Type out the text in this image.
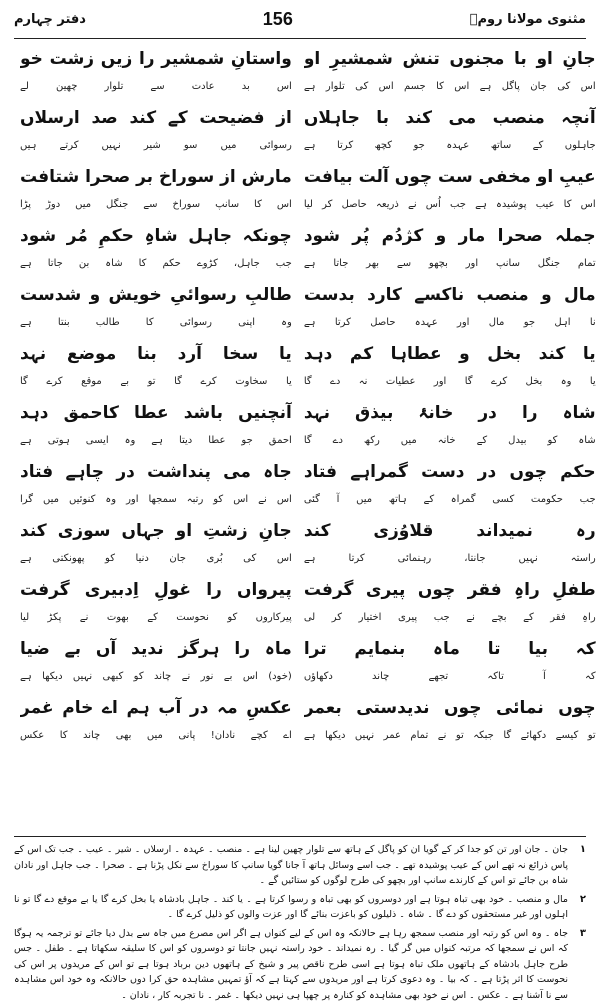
دفتر چہارم	156	مثنوی مولانا رومؒ
واستانِ شمشیر را زیں زشت خو
اس بد عادت سے تلوار چھین لے
از فضیحت کے کند صد ارسلاں
رسوائی میں سو شیر نہیں کرتے ہیں
مارش از سوراخ بر صحرا شتافت
اس کا سانپ سوراخ سے جنگل میں دوڑ پڑا
چونکہ جاہل شاہِ حکمِ مُر شود
جب جاہل، کڑوے حکم کا شاہ بن جاتا ہے
طالبِ رسوائیِ خویش و شدست
وہ اپنی رسوائی کا طالب بنتا ہے
یا سخا آرد بنا موضع نہد
یا سخاوت کرے گا تو بے موقع کرے گا
آنچنیں باشد عطا کاحمق دہد
احمق جو عطا دیتا ہے وہ ایسی ہوتی ہے
جاہ می پنداشت در چاہے فتاد
اس نے اس کو رتبہ سمجھا اور وہ کنوئیں میں گرا
جانِ زشتِ او جہاں سوزی کند
اس کی بُری جان دنیا کو پھونکتی ہے
پیرواں را غولِ اِدبیری گرفت
پیرکاروں کو نحوست کے بھوت نے پکڑ لیا
ماہ را ہرگز ندید آں بے ضیا
(خود) اس بے نور نے چاند کو کبھی نہیں دیکھا ہے
عکسِ مہ در آب ہم اے خام غمر
اے کچے نادان! پانی میں بھی چاند کا عکس
جانِ او با مجنوں تنش شمشیرِ او
اس کی جان پاگل ہے اس کا جسم اس کی تلوار ہے
آنچہ منصب می کند با جاہلاں
جاہلوں کے ساتھ عہدہ جو کچھ کرتا ہے
عیبِ او مخفی ست چوں آلت بیافت
اس کا عیب پوشیدہ ہے جب اُس نے ذریعہ حاصل کر لیا
جملہ صحرا مار و کژدُم پُر شود
تمام جنگل سانپ اور بچھو سے بھر جاتا ہے
مال و منصب ناکسے کارد بدست
نا اہل جو مال اور عہدہ حاصل کرتا ہے
یا کند بخل و عطاہا کم دہد
یا وہ بخل کرے گا اور عطیات نہ دے گا
شاہ را در خانۂ بیذق نہد
شاہ کو بیدل کے خانہ میں رکھ دے گا
حکم چوں در دست گمراہے فتاد
جب حکومت کسی گمراہ کے ہاتھ میں آ گئی
رہ نمیداند قلاوُزی کند
راستہ نہیں جانتا، رہنمائی کرتا ہے
طفلِ راہِ فقر چوں پیری گرفت
راہِ فقر کے بچے نے جب پیری اختیار کر لی
کہ بیا تا ماہ بنمایم ترا
کہ آ تاکہ تجھے چاند دکھاؤں
چوں نمائی چوں ندیدستی بعمر
تو کیسے دکھائے گا جبکہ تو نے تمام عمر نہیں دیکھا ہے
۱
جان ۔ جان اور تن کو جدا کر کے گویا ان کو پاگل کے ہاتھ سے تلوار چھین لینا ہے ۔ منصب ۔ عہدہ ۔ ارسلاں ۔ شیر ۔ عیب ۔ جب تک اس کے پاس ذرائع نہ تھے اس کے عیب پوشیدہ تھے ۔ جب اسے وسائل ہاتھ آ جانا گویا سانپ کا سوراخ سے نکل پڑنا ہے ۔ صحرا ۔ جب جاہل اور نادان شاہ بن جائے تو اس کے کارندے سانپ اور بچھو کی طرح لوگوں کو ستائیں گے ۔
۲
مال و منصب ۔ خود بھی تباہ ہوتا ہے اور دوسروں کو بھی تباہ و رسوا کرتا ہے ۔ یا کند ۔ جاہل بادشاہ یا بخل کرے گا یا بے موقع دے گا تو نا اہلوں اور غیر مستحقوں کو دے گا ۔ شاہ ۔ ذلیلوں کو باعزت بنائے گا اور عزت والوں کو ذلیل کرے گا ۔
۳
جاہ ۔ وہ اس کو رتبہ اور منصب سمجھ رہا ہے حالانکہ وہ اس کے لیے کنواں ہے اگر اس مصرع میں جاہ سے بدل دیا جائے تو ترجمہ یہ ہوگا کہ اس نے سمجھا کہ مرتبہ کنواں میں گر گیا ۔ رہ نمیداند ۔ خود راستہ نہیں جانتا تو دوسروں کو اس کا سلیقہ سکھاتا ہے ۔ طفل ۔ جس طرح جاہل بادشاہ کے ہاتھوں ملک تباہ ہوتا ہے اسی طرح ناقص پیر و شیخ کے ہاتھوں دین برباد ہوتا ہے تو اس کے مریدوں پر اس کی نحوست کا اثر پڑتا ہے ۔ کہ بیا ۔ وہ دعوی کرتا ہے اور مریدوں سے کہتا ہے کہ آؤ تمہیں مشاہدہ حق کرا دوں حالانکہ وہ خود اس مشاہدہ سے نا آشنا ہے ۔ عکس ۔ اس نے خود بھی مشاہدہ کو کنارہ پر چھپا ہی نہیں دیکھا ۔ غمر ۔ نا تجربہ کار ، نادان ۔
